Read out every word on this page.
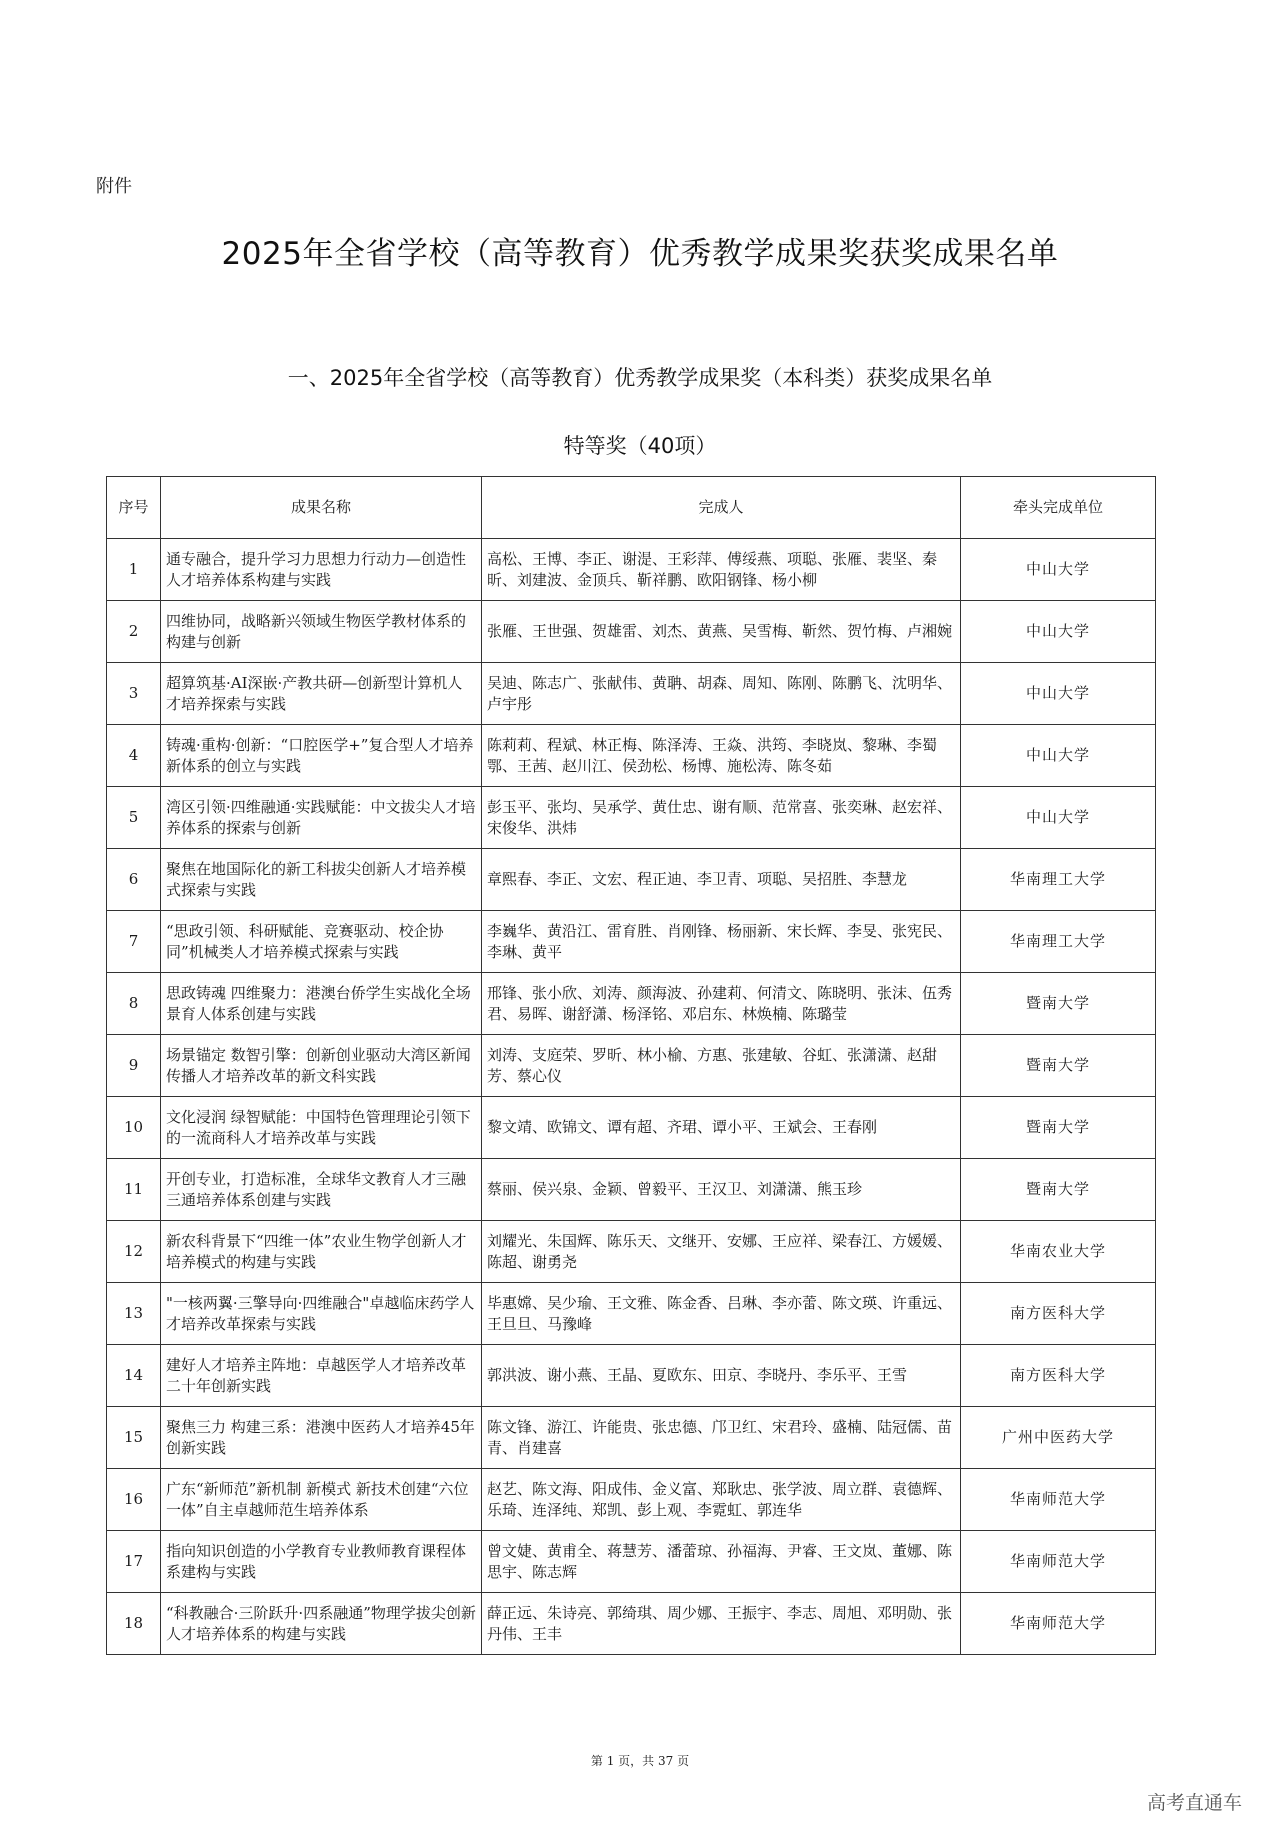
附件
2025年全省学校（高等教育）优秀教学成果奖获奖成果名单
一、2025年全省学校（高等教育）优秀教学成果奖（本科类）获奖成果名单
特等奖（40项）
序号	成果名称	完成人	牵头完成单位
1	通专融合，提升学习力思想力行动力—创造性人才培养体系构建与实践	高松、王博、李正、谢湜、王彩萍、傅绥燕、项聪、张雁、裴坚、秦昕、刘建波、金顶兵、靳祥鹏、欧阳钢锋、杨小柳	中山大学
2	四维协同，战略新兴领域生物医学教材体系的构建与创新	张雁、王世强、贺雄雷、刘杰、黄燕、吴雪梅、靳然、贺竹梅、卢湘婉	中山大学
3	超算筑基·AI深嵌·产教共研—创新型计算机人才培养探索与实践	吴迪、陈志广、张献伟、黄聃、胡森、周知、陈刚、陈鹏飞、沈明华、卢宇彤	中山大学
4	铸魂·重构·创新：“口腔医学+”复合型人才培养新体系的创立与实践	陈莉莉、程斌、林正梅、陈泽涛、王焱、洪筠、李晓岚、黎琳、李蜀鄂、王茜、赵川江、侯劲松、杨博、施松涛、陈冬茹	中山大学
5	湾区引领·四维融通·实践赋能：中文拔尖人才培养体系的探索与创新	彭玉平、张均、吴承学、黄仕忠、谢有顺、范常喜、张奕琳、赵宏祥、宋俊华、洪炜	中山大学
6	聚焦在地国际化的新工科拔尖创新人才培养模式探索与实践	章熙春、李正、文宏、程正迪、李卫青、项聪、吴招胜、李慧龙	华南理工大学
7	“思政引领、科研赋能、竞赛驱动、校企协同”机械类人才培养模式探索与实践	李巍华、黄沿江、雷育胜、肖刚锋、杨丽新、宋长辉、李旻、张宪民、李琳、黄平	华南理工大学
8	思政铸魂 四维聚力：港澳台侨学生实战化全场景育人体系创建与实践	邢锋、张小欣、刘涛、颜海波、孙建莉、何清文、陈晓明、张沫、伍秀君、易晖、谢舒潇、杨泽铭、邓启东、林焕楠、陈璐莹	暨南大学
9	场景锚定 数智引擎：创新创业驱动大湾区新闻传播人才培养改革的新文科实践	刘涛、支庭荣、罗昕、林小榆、方惠、张建敏、谷虹、张潇潇、赵甜芳、蔡心仪	暨南大学
10	文化浸润 绿智赋能：中国特色管理理论引领下的一流商科人才培养改革与实践	黎文靖、欧锦文、谭有超、齐珺、谭小平、王斌会、王春刚	暨南大学
11	开创专业，打造标准，全球华文教育人才三融三通培养体系创建与实践	蔡丽、侯兴泉、金颖、曾毅平、王汉卫、刘潇潇、熊玉珍	暨南大学
12	新农科背景下“四维一体”农业生物学创新人才培养模式的构建与实践	刘耀光、朱国辉、陈乐天、文继开、安娜、王应祥、梁春江、方媛媛、陈超、谢勇尧	华南农业大学
13	"一核两翼·三擎导向·四维融合"卓越临床药学人才培养改革探索与实践	毕惠嫦、吴少瑜、王文雅、陈金香、吕琳、李亦蕾、陈文瑛、许重远、王旦旦、马豫峰	南方医科大学
14	建好人才培养主阵地：卓越医学人才培养改革二十年创新实践	郭洪波、谢小燕、王晶、夏欧东、田京、李晓丹、李乐平、王雪	南方医科大学
15	聚焦三力 构建三系：港澳中医药人才培养45年创新实践	陈文锋、游江、许能贵、张忠德、邝卫红、宋君玲、盛楠、陆冠儒、苗青、肖建喜	广州中医药大学
16	广东“新师范”新机制 新模式 新技术创建“六位一体”自主卓越师范生培养体系	赵艺、陈文海、阳成伟、金义富、郑耿忠、张学波、周立群、袁德辉、乐琦、连泽纯、郑凯、彭上观、李霓虹、郭连华	华南师范大学
17	指向知识创造的小学教育专业教师教育课程体系建构与实践	曾文婕、黄甫全、蒋慧芳、潘蕾琼、孙福海、尹睿、王文岚、董娜、陈思宇、陈志辉	华南师范大学
18	“科教融合·三阶跃升·四系融通”物理学拔尖创新人才培养体系的构建与实践	薛正远、朱诗亮、郭绮琪、周少娜、王振宇、李志、周旭、邓明勋、张丹伟、王丰	华南师范大学
第 1 页，共 37 页
高考直通车
